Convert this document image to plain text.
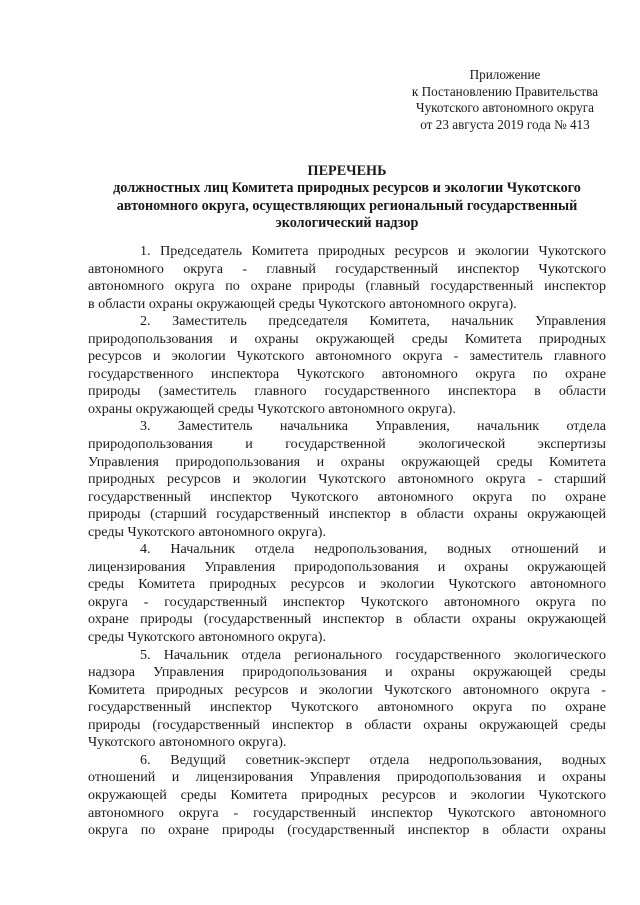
Приложение
к Постановлению Правительства
Чукотского автономного округа
от 23 августа 2019 года № 413
ПЕРЕЧЕНЬ
должностных лиц Комитета природных ресурсов и экологии Чукотского
автономного округа, осуществляющих региональный государственный
экологический надзор
1. Председатель Комитета природных ресурсов и экологии Чукотского
автономного округа - главный государственный инспектор Чукотского
автономного округа по охране природы (главный государственный инспектор
в области охраны окружающей среды Чукотского автономного округа).
2. Заместитель председателя Комитета, начальник Управления
природопользования и охраны окружающей среды Комитета природных
ресурсов и экологии Чукотского автономного округа - заместитель главного
государственного инспектора Чукотского автономного округа по охране
природы (заместитель главного государственного инспектора в области
охраны окружающей среды Чукотского автономного округа).
3. Заместитель начальника Управления, начальник отдела
природопользования и государственной экологической экспертизы
Управления природопользования и охраны окружающей среды Комитета
природных ресурсов и экологии Чукотского автономного округа - старший
государственный инспектор Чукотского автономного округа по охране
природы (старший государственный инспектор в области охраны окружающей
среды Чукотского автономного округа).
4. Начальник отдела недропользования, водных отношений и
лицензирования Управления природопользования и охраны окружающей
среды Комитета природных ресурсов и экологии Чукотского автономного
округа - государственный инспектор Чукотского автономного округа по
охране природы (государственный инспектор в области охраны окружающей
среды Чукотского автономного округа).
5. Начальник отдела регионального государственного экологического
надзора Управления природопользования и охраны окружающей среды
Комитета природных ресурсов и экологии Чукотского автономного округа -
государственный инспектор Чукотского автономного округа по охране
природы (государственный инспектор в области охраны окружающей среды
Чукотского автономного округа).
6. Ведущий советник-эксперт отдела недропользования, водных
отношений и лицензирования Управления природопользования и охраны
окружающей среды Комитета природных ресурсов и экологии Чукотского
автономного округа - государственный инспектор Чукотского автономного
округа по охране природы (государственный инспектор в области охраны
